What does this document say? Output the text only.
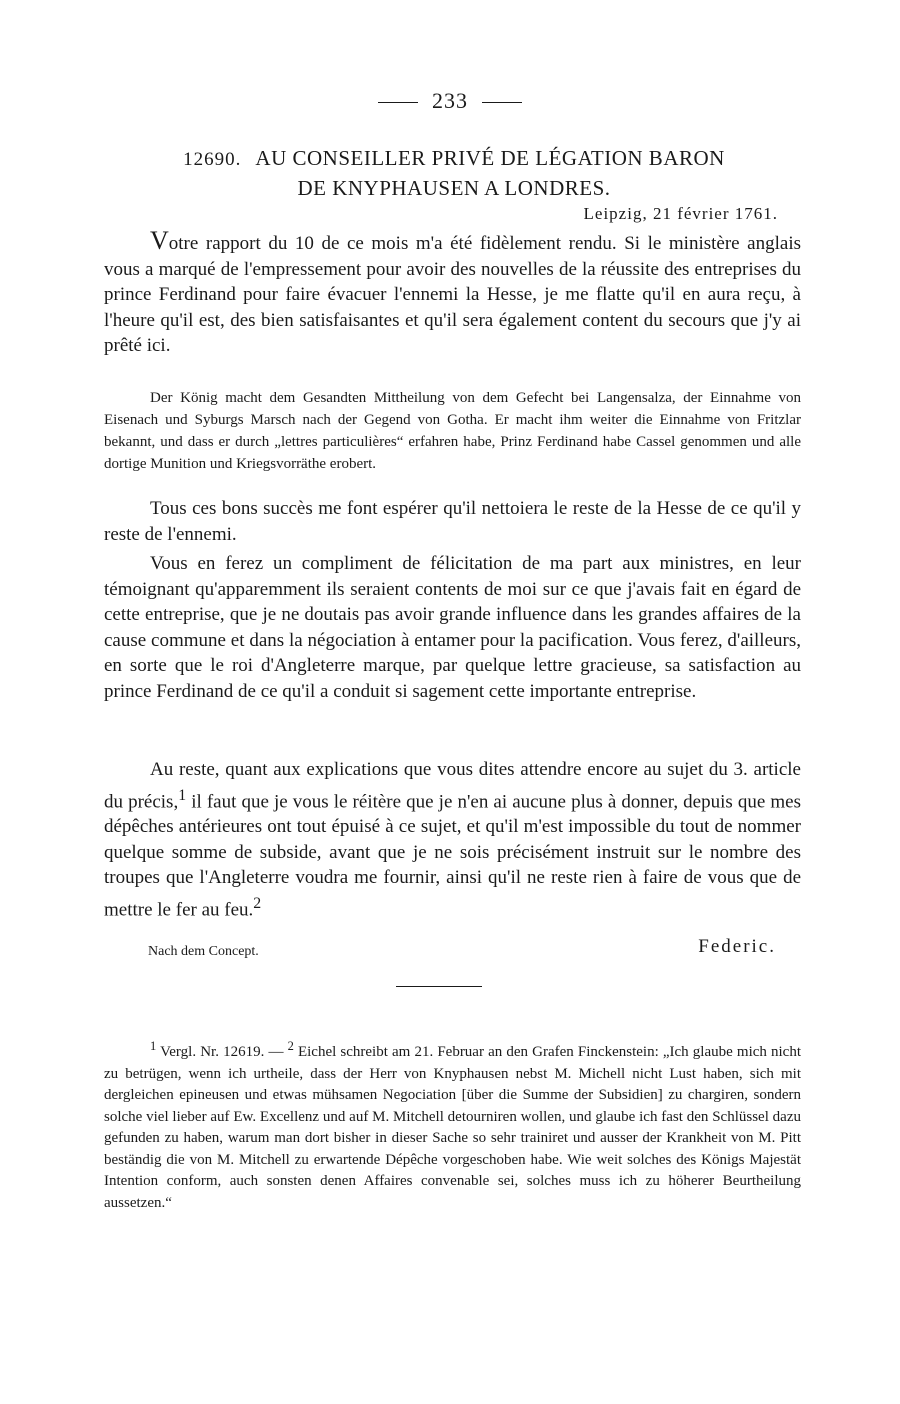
233
12690. AU CONSEILLER PRIVÉ DE LÉGATION BARON
DE KNYPHAUSEN A LONDRES.
Leipzig, 21 février 1761.

Votre rapport du 10 de ce mois m'a été fidèlement rendu. Si le ministère anglais vous a marqué de l'empressement pour avoir des nouvelles de la réussite des entreprises du prince Ferdinand pour faire évacuer l'ennemi la Hesse, je me flatte qu'il en aura reçu, à l'heure qu'il est, des bien satisfaisantes et qu'il sera également content du secours que j'y ai prêté ici.

Der König macht dem Gesandten Mittheilung von dem Gefecht bei Langensalza, der Einnahme von Eisenach und Syburgs Marsch nach der Gegend von Gotha. Er macht ihm weiter die Einnahme von Fritzlar bekannt, und dass er durch „lettres particulières“ erfahren habe, Prinz Ferdinand habe Cassel genommen und alle dortige Munition und Kriegsvorräthe erobert.

Tous ces bons succès me font espérer qu'il nettoiera le reste de la Hesse de ce qu'il y reste de l'ennemi.

Vous en ferez un compliment de félicitation de ma part aux ministres, en leur témoignant qu'apparemment ils seraient contents de moi sur ce que j'avais fait en égard de cette entreprise, que je ne doutais pas avoir grande influence dans les grandes affaires de la cause commune et dans la négociation à entamer pour la pacification. Vous ferez, d'ailleurs, en sorte que le roi d'Angleterre marque, par quelque lettre gracieuse, sa satisfaction au prince Ferdinand de ce qu'il a conduit si sagement cette importante entreprise.

Au reste, quant aux explications que vous dites attendre encore au sujet du 3. article du précis,$^1$ il faut que je vous le réitère que je n'en ai aucune plus à donner, depuis que mes dépêches antérieures ont tout épuisé à ce sujet, et qu'il m'est impossible du tout de nommer quelque somme de subside, avant que je ne sois précisément instruit sur le nombre des troupes que l'Angleterre voudra me fournir, ainsi qu'il ne reste rien à faire de vous que de mettre le fer au feu.$^2$

Nach dem Concept.	Federic.

$^1$ Vergl. Nr. 12619. — $^2$ Eichel schreibt am 21. Februar an den Grafen Finckenstein: „Ich glaube mich nicht zu betrügen, wenn ich urtheile, dass der Herr von Knyphausen nebst M. Michell nicht Lust haben, sich mit dergleichen epineusen und etwas mühsamen Negociation [über die Summe der Subsidien] zu chargiren, sondern solche viel lieber auf Ew. Excellenz und auf M. Mitchell detourniren wollen, und glaube ich fast den Schlüssel dazu gefunden zu haben, warum man dort bisher in dieser Sache so sehr trainiret und ausser der Krankheit von M. Pitt beständig die von M. Mitchell zu erwartende Dépêche vorgeschoben habe. Wie weit solches des Königs Majestät Intention conform, auch sonsten denen Affaires convenable sei, solches muss ich zu höherer Beurtheilung aussetzen.“
